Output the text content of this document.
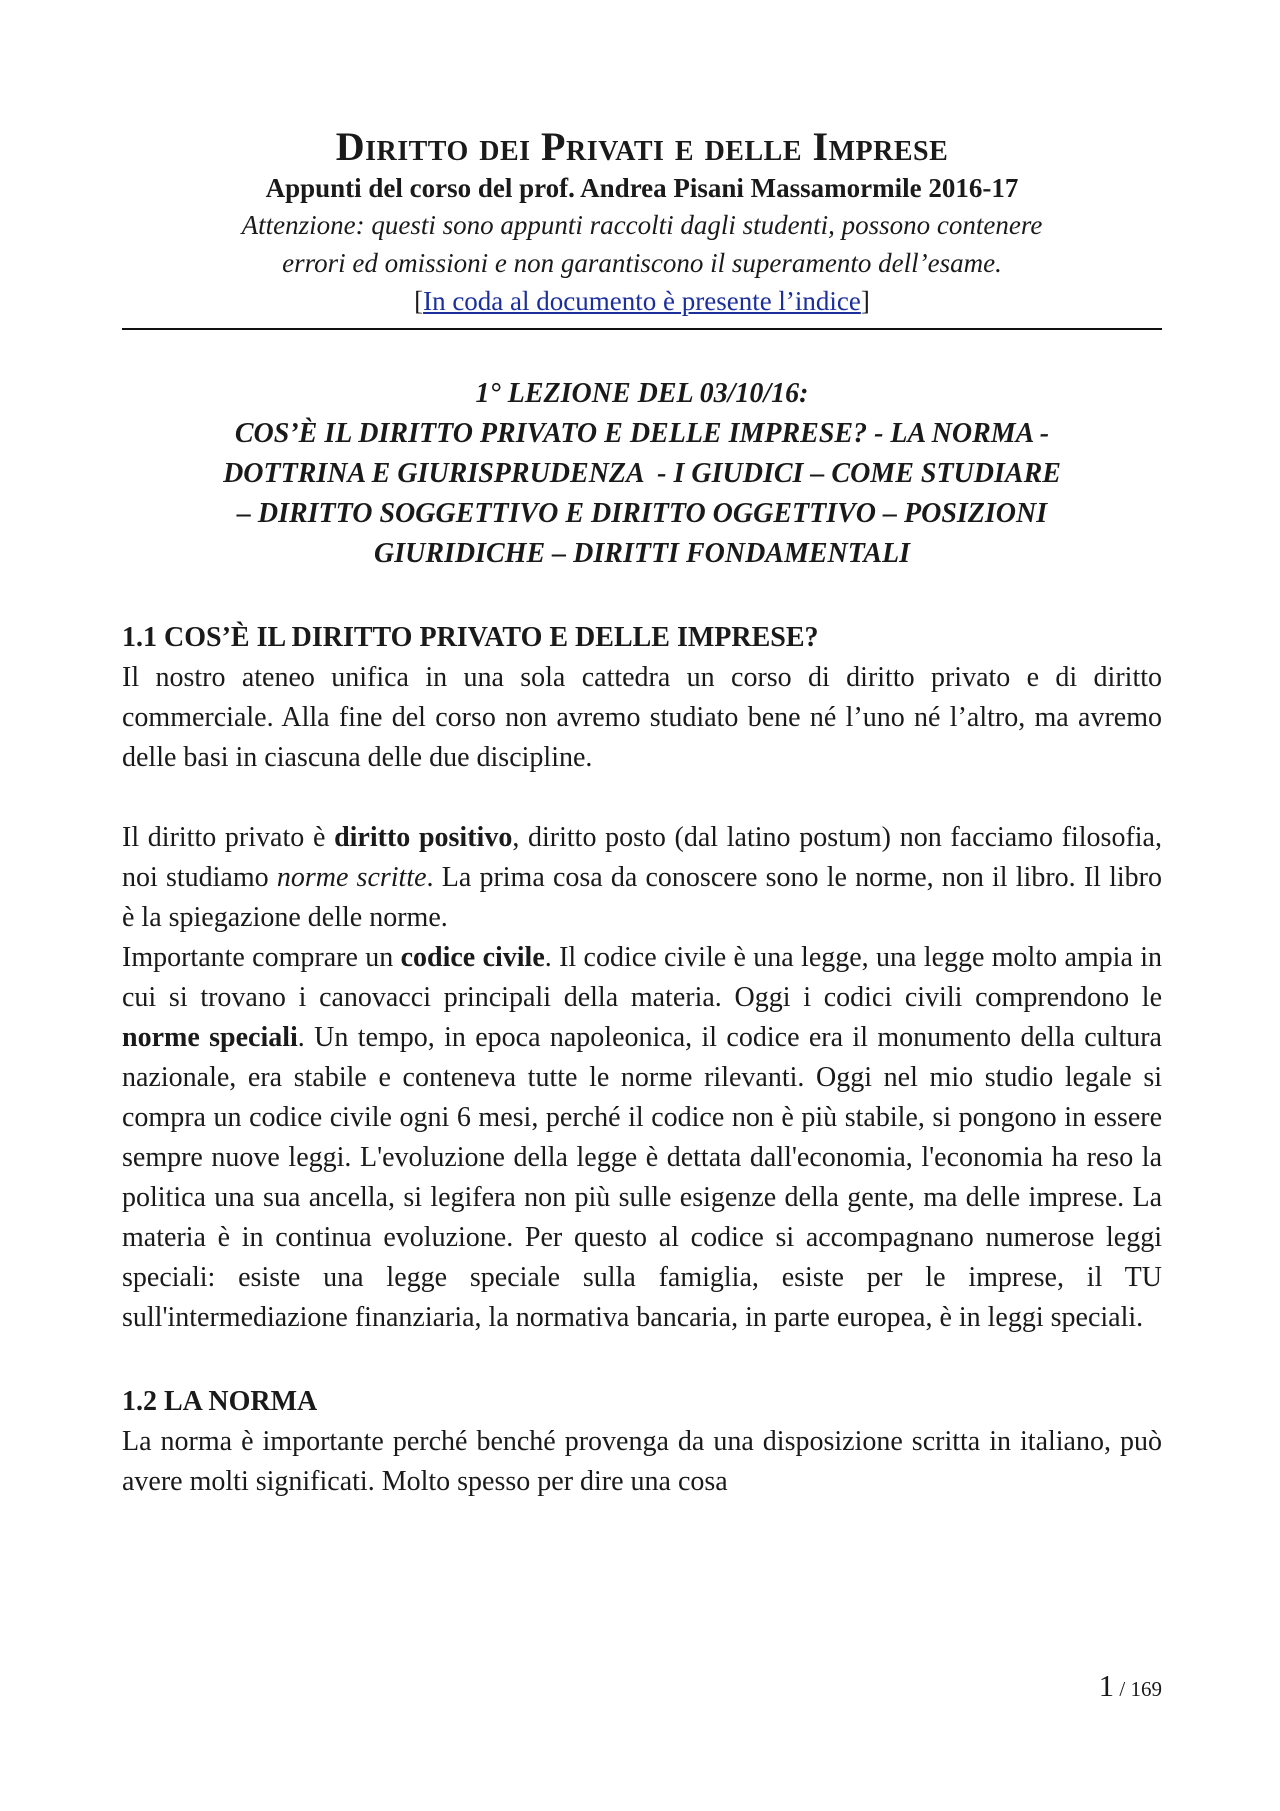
Diritto dei Privati e delle Imprese

Appunti del corso del prof. Andrea Pisani Massamormile 2016-17

Attenzione: questi sono appunti raccolti dagli studenti, possono contenere

errori ed omissioni e non garantiscono il superamento dell’esame.

[In coda al documento è presente l’indice]

1° LEZIONE DEL 03/10/16:
COS’È IL DIRITTO PRIVATO E DELLE IMPRESE? - LA NORMA -
DOTTRINA E GIURISPRUDENZA  - I GIUDICI – COME STUDIARE
– DIRITTO SOGGETTIVO E DIRITTO OGGETTIVO – POSIZIONI
GIURIDICHE – DIRITTI FONDAMENTALI
1.1 COS’È IL DIRITTO PRIVATO E DELLE IMPRESE?

Il nostro ateneo unifica in una sola cattedra un corso di diritto privato e di diritto commerciale. Alla fine del corso non avremo studiato bene né l’uno né l’altro, ma avremo delle basi in ciascuna delle due discipline.

Il diritto privato è diritto positivo, diritto posto (dal latino postum) non facciamo filosofia, noi studiamo norme scritte. La prima cosa da conoscere sono le norme, non il libro. Il libro è la spiegazione delle norme.

Importante comprare un codice civile. Il codice civile è una legge, una legge molto ampia in cui si trovano i canovacci principali della materia. Oggi i codici civili comprendono le norme speciali. Un tempo, in epoca napoleonica, il codice era il monumento della cultura nazionale, era stabile e conteneva tutte le norme rilevanti. Oggi nel mio studio legale si compra un codice civile ogni 6 mesi, perché il codice non è più stabile, si pongono in essere sempre nuove leggi. L'evoluzione della legge è dettata dall'economia, l'economia ha reso la politica una sua ancella, si legifera non più sulle esigenze della gente, ma delle imprese. La materia è in continua evoluzione. Per questo al codice si accompagnano numerose leggi speciali: esiste una legge speciale sulla famiglia, esiste per le imprese, il TU sull'intermediazione finanziaria, la normativa bancaria, in parte europea, è in leggi speciali.

1.2 LA NORMA

La norma è importante perché benché provenga da una disposizione scritta in italiano, può avere molti significati. Molto spesso per dire una cosa

1 / 169
